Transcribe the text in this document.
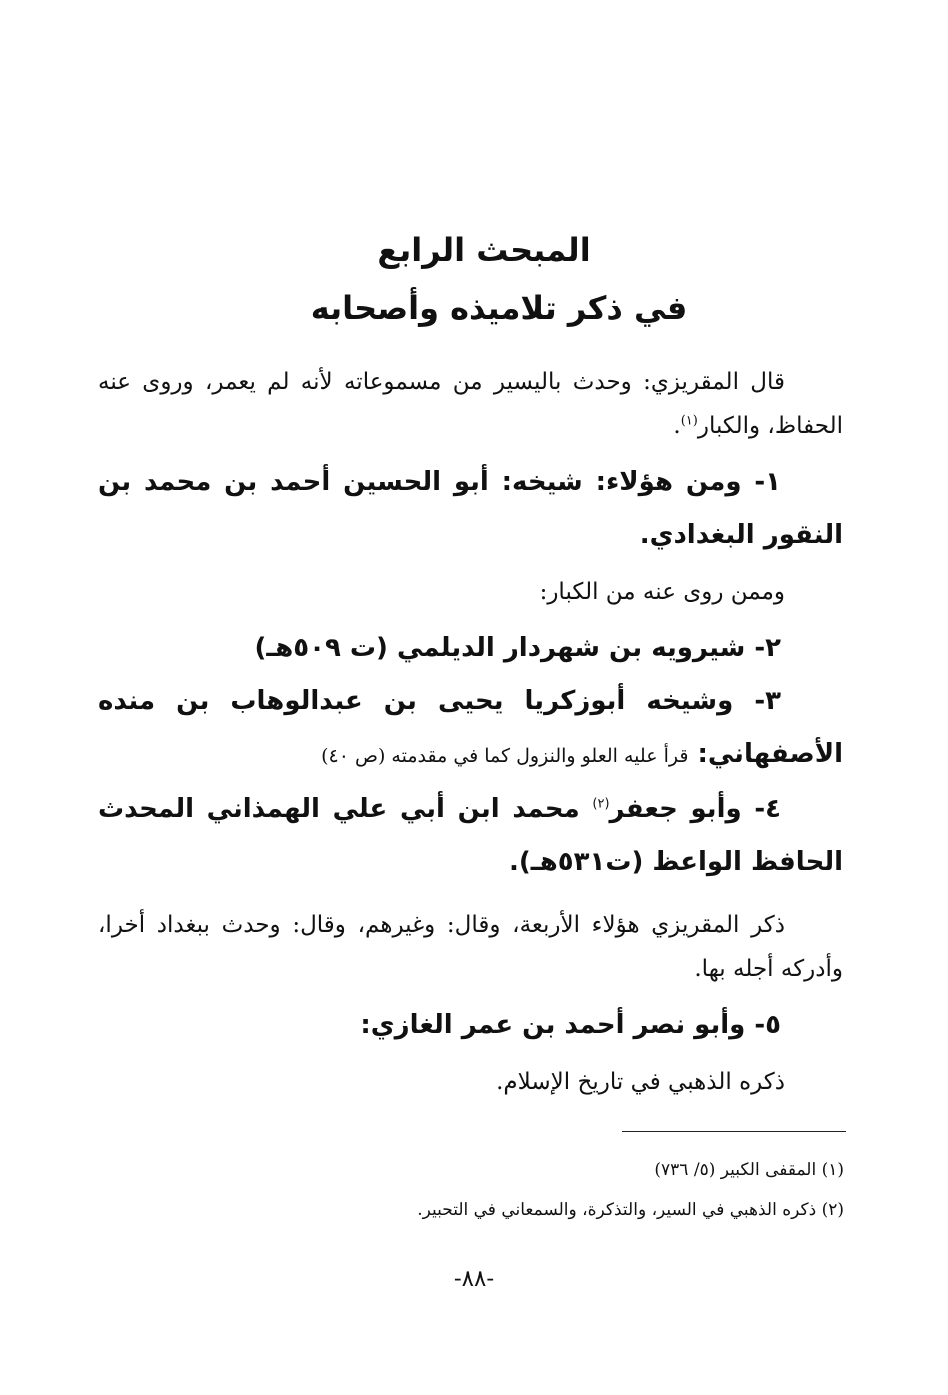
المبحث الرابع
في ذكر تلاميذه وأصحابه

قال المقريزي: وحدث باليسير من مسموعاته لأنه لم يعمر، وروى عنه الحفاظ، والكبار$^{(١)}$.

١- ومن هؤلاء: شيخه: أبو الحسين أحمد بن محمد بن النقور البغدادي.

وممن روى عنه من الكبار:

٢- شيرويه بن شهردار الديلمي (ت ٥٠٩هـ)

٣- وشيخه أبوزكريا يحيى بن عبدالوهاب بن منده الأصفهاني: قرأ عليه العلو والنزول كما في مقدمته (ص ٤٠)

٤- وأبو جعفر$^{(٢)}$ محمد ابن أبي علي الهمذاني المحدث الحافظ الواعظ (ت٥٣١هـ).

ذكر المقريزي هؤلاء الأربعة، وقال: وغيرهم، وقال: وحدث ببغداد أخرا، وأدركه أجله بها.

٥- وأبو نصر أحمد بن عمر الغازي:

ذكره الذهبي في تاريخ الإسلام.

(١) المقفى الكبير (٥/ ٧٣٦)

(٢) ذكره الذهبي في السير، والتذكرة، والسمعاني في التحبير.

-٨٨-
